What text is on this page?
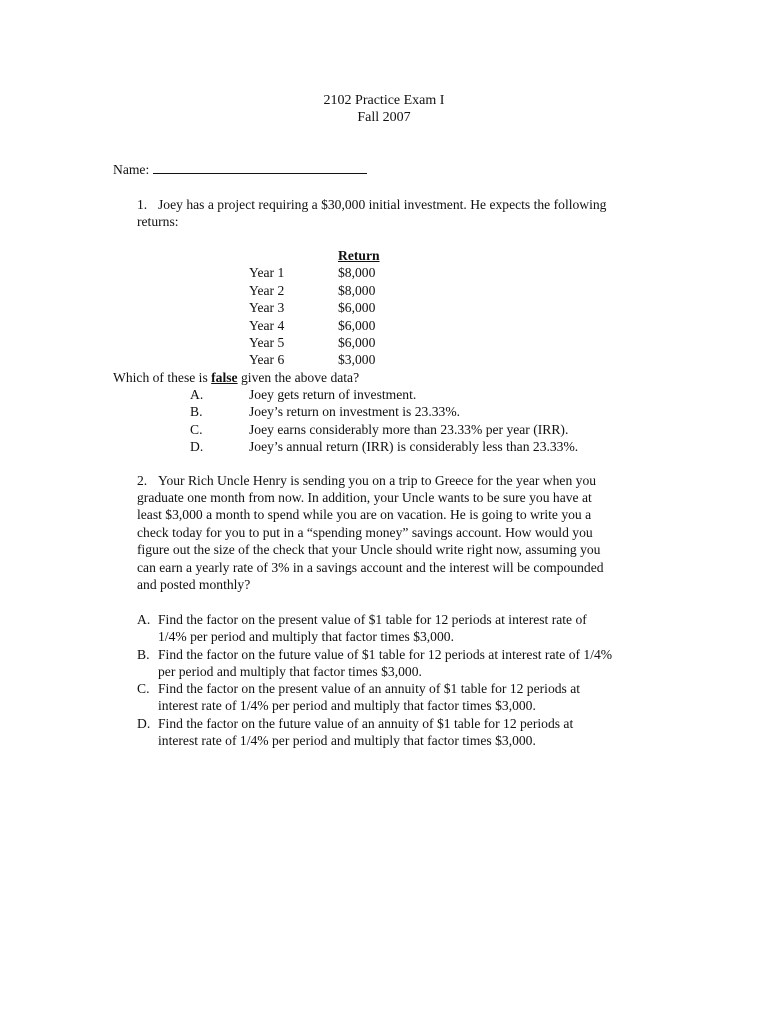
2102 Practice Exam I
Fall 2007
Name:
1. Joey has a project requiring a $30,000 initial investment. He expects the following
returns:
	Return
Year 1	$8,000
Year 2	$8,000
Year 3	$6,000
Year 4	$6,000
Year 5	$6,000
Year 6	$3,000
Which of these is false given the above data?
A.	Joey gets return of investment.
B.	Joey’s return on investment is 23.33%.
C.	Joey earns considerably more than 23.33% per year (IRR).
D.	Joey’s annual return (IRR) is considerably less than 23.33%.
2. Your Rich Uncle Henry is sending you on a trip to Greece for the year when you
graduate one month from now. In addition, your Uncle wants to be sure you have at
least $3,000 a month to spend while you are on vacation. He is going to write you a
check today for you to put in a “spending money” savings account. How would you
figure out the size of the check that your Uncle should write right now, assuming you
can earn a yearly rate of 3% in a savings account and the interest will be compounded
and posted monthly?
A. Find the factor on the present value of $1 table for 12 periods at interest rate of
1/4% per period and multiply that factor times $3,000.
B. Find the factor on the future value of $1 table for 12 periods at interest rate of 1/4%
per period and multiply that factor times $3,000.
C. Find the factor on the present value of an annuity of $1 table for 12 periods at
interest rate of 1/4% per period and multiply that factor times $3,000.
D. Find the factor on the future value of an annuity of $1 table for 12 periods at
interest rate of 1/4% per period and multiply that factor times $3,000.
